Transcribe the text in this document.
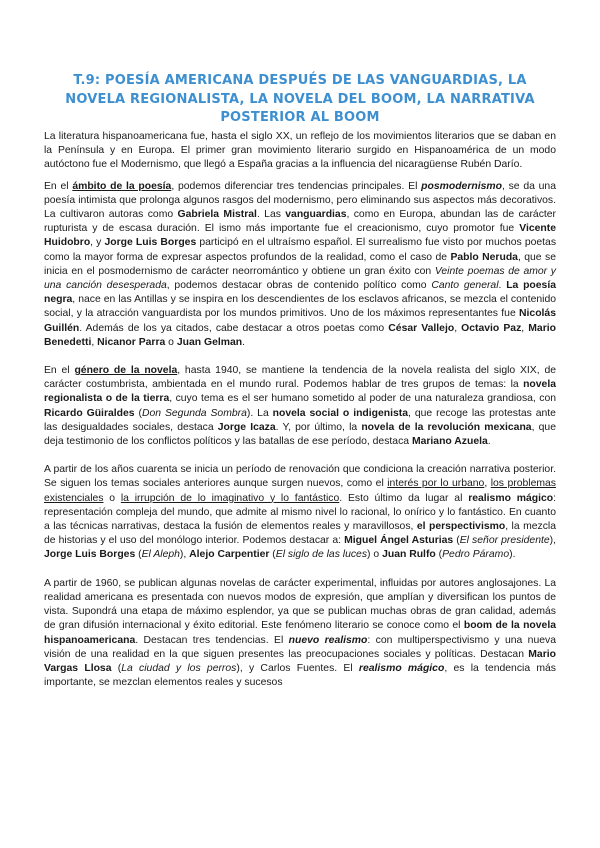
T.9: POESÍA AMERICANA DESPUÉS DE LAS VANGUARDIAS, LA NOVELA REGIONALISTA, LA NOVELA DEL BOOM, LA NARRATIVA POSTERIOR AL BOOM

La literatura hispanoamericana fue, hasta el siglo XX, un reflejo de los movimientos literarios que se daban en la Península y en Europa. El primer gran movimiento literario surgido en Hispanoamérica de un modo autóctono fue el Modernismo, que llegó a España gracias a la influencia del nicaragüense Rubén Darío.

En el ámbito de la poesía, podemos diferenciar tres tendencias principales. El posmodernismo, se da una poesía intimista que prolonga algunos rasgos del modernismo, pero eliminando sus aspectos más decorativos. La cultivaron autoras como Gabriela Mistral. Las vanguardias, como en Europa, abundan las de carácter rupturista y de escasa duración. El ismo más importante fue el creacionismo, cuyo promotor fue Vicente Huidobro, y Jorge Luis Borges participó en el ultraísmo español. El surrealismo fue visto por muchos poetas como la mayor forma de expresar aspectos profundos de la realidad, como el caso de Pablo Neruda, que se inicia en el posmodernismo de carácter neorromántico y obtiene un gran éxito con Veinte poemas de amor y una canción desesperada, podemos destacar obras de contenido político como Canto general. La poesía negra, nace en las Antillas y se inspira en los descendientes de los esclavos africanos, se mezcla el contenido social, y la atracción vanguardista por los mundos primitivos. Uno de los máximos representantes fue Nicolás Guillén. Además de los ya citados, cabe destacar a otros poetas como César Vallejo, Octavio Paz, Mario Benedetti, Nicanor Parra o Juan Gelman.

En el género de la novela, hasta 1940, se mantiene la tendencia de la novela realista del siglo XIX, de carácter costumbrista, ambientada en el mundo rural. Podemos hablar de tres grupos de temas: la novela regionalista o de la tierra, cuyo tema es el ser humano sometido al poder de una naturaleza grandiosa, con Ricardo Güiraldes (Don Segunda Sombra). La novela social o indigenista, que recoge las protestas ante las desigualdades sociales, destaca Jorge Icaza. Y, por último, la novela de la revolución mexicana, que deja testimonio de los conflictos políticos y las batallas de ese período, destaca Mariano Azuela.

A partir de los años cuarenta se inicia un período de renovación que condiciona la creación narrativa posterior. Se siguen los temas sociales anteriores aunque surgen nuevos, como el interés por lo urbano, los problemas existenciales o la irrupción de lo imaginativo y lo fantástico. Esto último da lugar al realismo mágico: representación compleja del mundo, que admite al mismo nivel lo racional, lo onírico y lo fantástico. En cuanto a las técnicas narrativas, destaca la fusión de elementos reales y maravillosos, el perspectivismo, la mezcla de historias y el uso del monólogo interior. Podemos destacar a: Miguel Ángel Asturias (El señor presidente), Jorge Luis Borges (El Aleph), Alejo Carpentier (El siglo de las luces) o Juan Rulfo (Pedro Páramo).

A partir de 1960, se publican algunas novelas de carácter experimental, influidas por autores anglosajones. La realidad americana es presentada con nuevos modos de expresión, que amplían y diversifican los puntos de vista. Supondrá una etapa de máximo esplendor, ya que se publican muchas obras de gran calidad, además de gran difusión internacional y éxito editorial. Este fenómeno literario se conoce como el boom de la novela hispanoamericana. Destacan tres tendencias. El nuevo realismo: con multiperspectivismo y una nueva visión de una realidad en la que siguen presentes las preocupaciones sociales y políticas. Destacan Mario Vargas Llosa (La ciudad y los perros), y Carlos Fuentes. El realismo mágico, es la tendencia más importante, se mezclan elementos reales y sucesos
